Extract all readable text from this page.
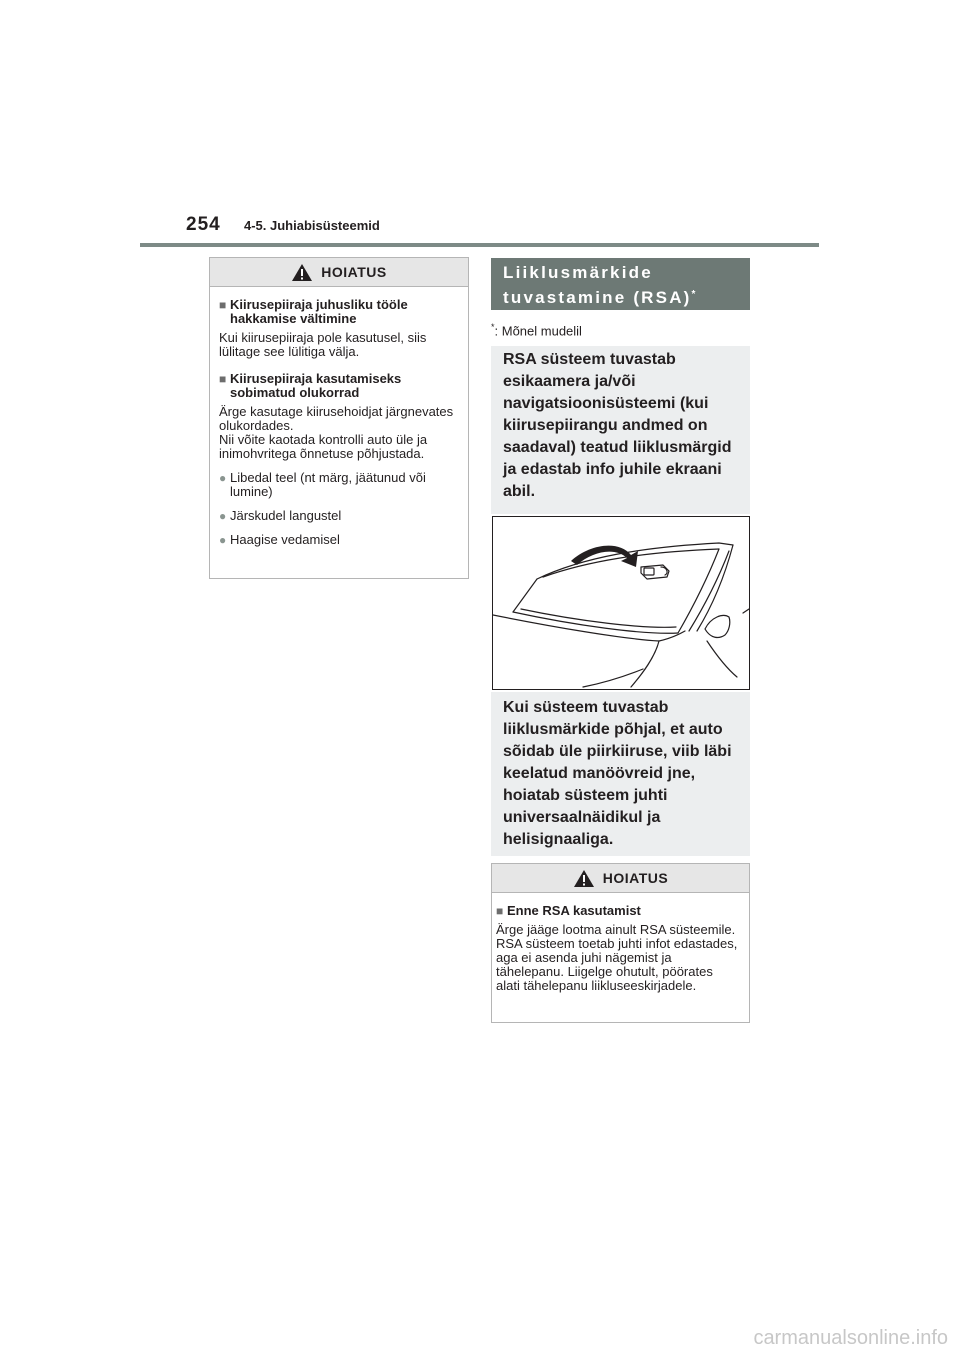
254	4-5. Juhiabisüsteemid
HOIATUS
■ Kiirusepiiraja juhusliku tööle hakkamise vältimine
Kui kiirusepiiraja pole kasutusel, siis lülitage see lülitiga välja.
■ Kiirusepiiraja kasutamiseks sobimatud olukorrad
Ärge kasutage kiirusehoidjat järgnevates olukordades.
Nii võite kaotada kontrolli auto üle ja inimohvritega õnnetuse põhjustada.
● Libedal teel (nt märg, jäätunud või lumine)
● Järskudel langustel
● Haagise vedamisel
Liiklusmärkide
tuvastamine (RSA)*
*: Mõnel mudelil
RSA süsteem tuvastab esikaamera ja/või navigatsioonisüsteemi (kui kiirusepiirangu andmed on saadaval) teatud liiklusmärgid ja edastab info juhile ekraani abil.
Kui süsteem tuvastab liiklusmärkide põhjal, et auto sõidab üle piirkiiruse, viib läbi keelatud manöövreid jne, hoiatab süsteem juhti universaalnäidikul ja helisignaaliga.
HOIATUS
■ Enne RSA kasutamist
Ärge jääge lootma ainult RSA süsteemile. RSA süsteem toetab juhti infot edastades, aga ei asenda juhi nägemist ja tähelepanu. Liigelge ohutult, pöörates alati tähelepanu liikluseeskirjadele.
carmanualsonline.info
